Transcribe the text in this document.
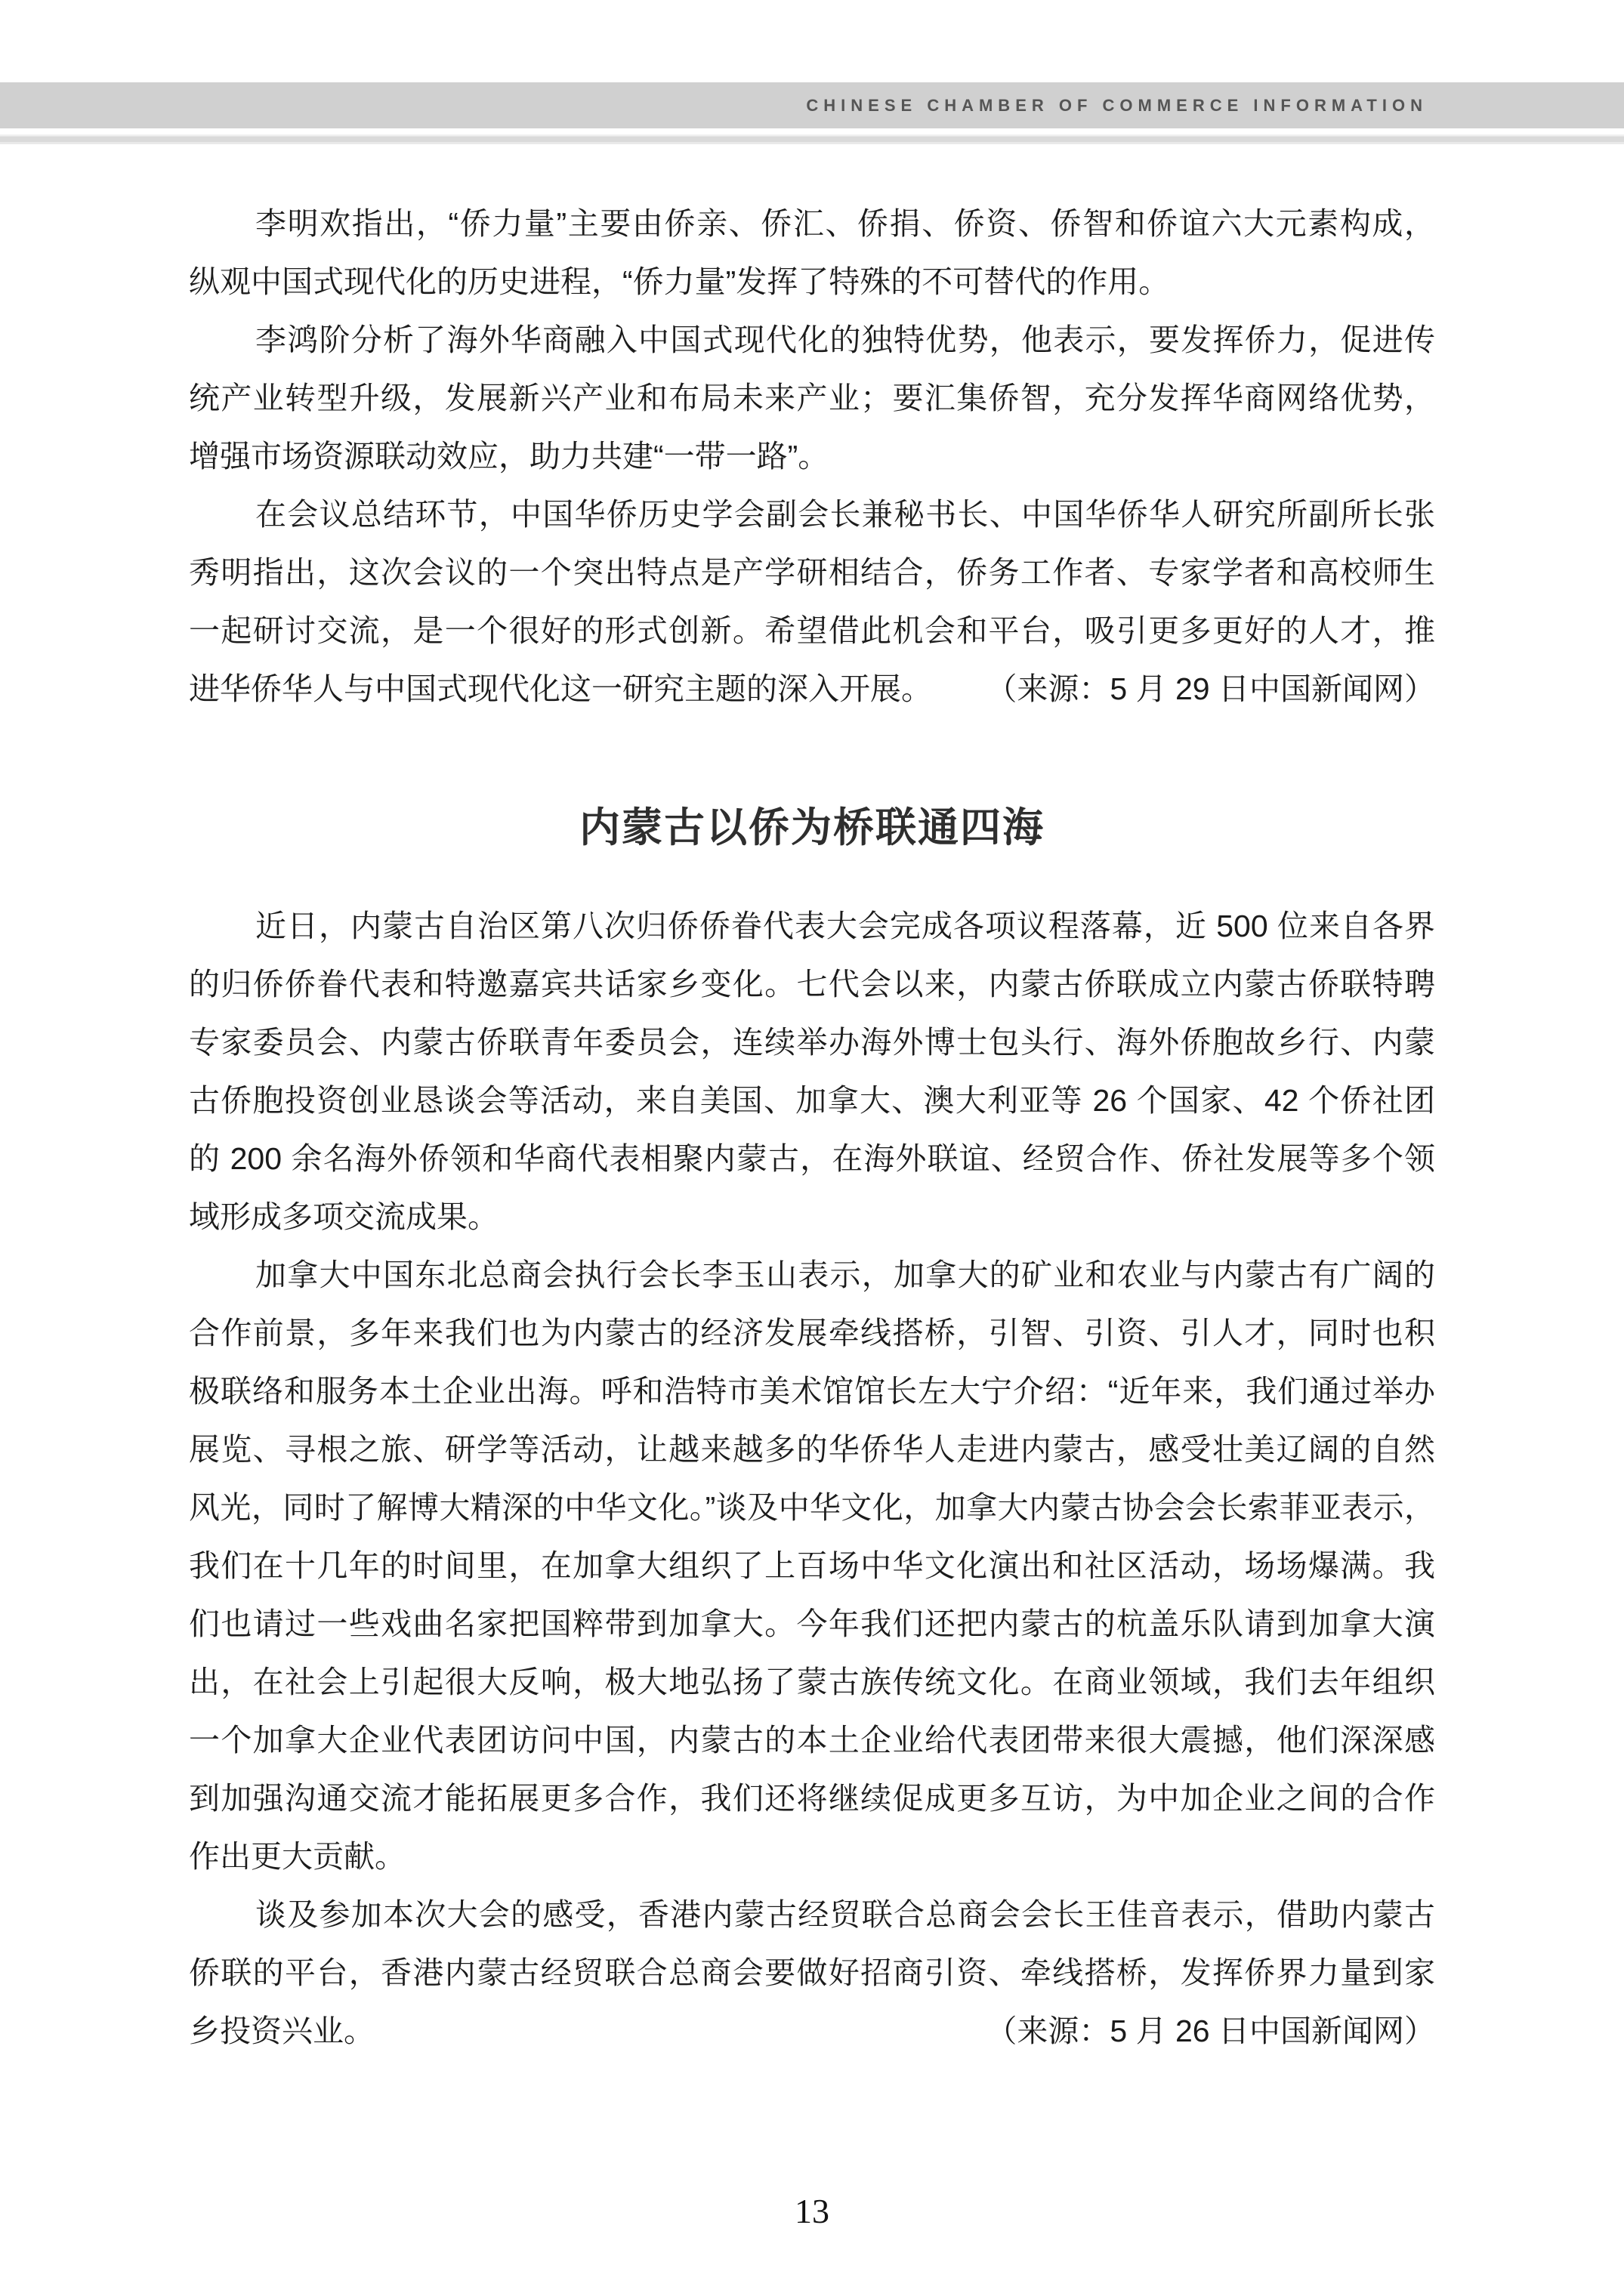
CHINESE CHAMBER OF COMMERCE INFORMATION
李明欢指出，“侨力量”主要由侨亲、侨汇、侨捐、侨资、侨智和侨谊六大元素构成，
纵观中国式现代化的历史进程，“侨力量”发挥了特殊的不可替代的作用。
李鸿阶分析了海外华商融入中国式现代化的独特优势，他表示，要发挥侨力，促进传
统产业转型升级，发展新兴产业和布局未来产业；要汇集侨智，充分发挥华商网络优势，
增强市场资源联动效应，助力共建“一带一路”。
在会议总结环节，中国华侨历史学会副会长兼秘书长、中国华侨华人研究所副所长张
秀明指出，这次会议的一个突出特点是产学研相结合，侨务工作者、专家学者和高校师生
一起研讨交流，是一个很好的形式创新。希望借此机会和平台，吸引更多更好的人才，推
进华侨华人与中国式现代化这一研究主题的深入开展。 （来源：5 月 29 日中国新闻网）
内蒙古以侨为桥联通四海
近日，内蒙古自治区第八次归侨侨眷代表大会完成各项议程落幕，近 500 位来自各界
的归侨侨眷代表和特邀嘉宾共话家乡变化。七代会以来，内蒙古侨联成立内蒙古侨联特聘
专家委员会、内蒙古侨联青年委员会，连续举办海外博士包头行、海外侨胞故乡行、内蒙
古侨胞投资创业恳谈会等活动，来自美国、加拿大、澳大利亚等 26 个国家、42 个侨社团
的 200 余名海外侨领和华商代表相聚内蒙古，在海外联谊、经贸合作、侨社发展等多个领
域形成多项交流成果。
加拿大中国东北总商会执行会长李玉山表示，加拿大的矿业和农业与内蒙古有广阔的
合作前景，多年来我们也为内蒙古的经济发展牵线搭桥，引智、引资、引人才，同时也积
极联络和服务本土企业出海。呼和浩特市美术馆馆长左大宁介绍：“近年来，我们通过举办
展览、寻根之旅、研学等活动，让越来越多的华侨华人走进内蒙古，感受壮美辽阔的自然
风光，同时了解博大精深的中华文化。”谈及中华文化，加拿大内蒙古协会会长索菲亚表示，
我们在十几年的时间里，在加拿大组织了上百场中华文化演出和社区活动，场场爆满。我
们也请过一些戏曲名家把国粹带到加拿大。今年我们还把内蒙古的杭盖乐队请到加拿大演
出，在社会上引起很大反响，极大地弘扬了蒙古族传统文化。在商业领域，我们去年组织
一个加拿大企业代表团访问中国，内蒙古的本土企业给代表团带来很大震撼，他们深深感
到加强沟通交流才能拓展更多合作，我们还将继续促成更多互访，为中加企业之间的合作
作出更大贡献。
谈及参加本次大会的感受，香港内蒙古经贸联合总商会会长王佳音表示，借助内蒙古
侨联的平台，香港内蒙古经贸联合总商会要做好招商引资、牵线搭桥，发挥侨界力量到家
乡投资兴业。	（来源：5 月 26 日中国新闻网）
13
